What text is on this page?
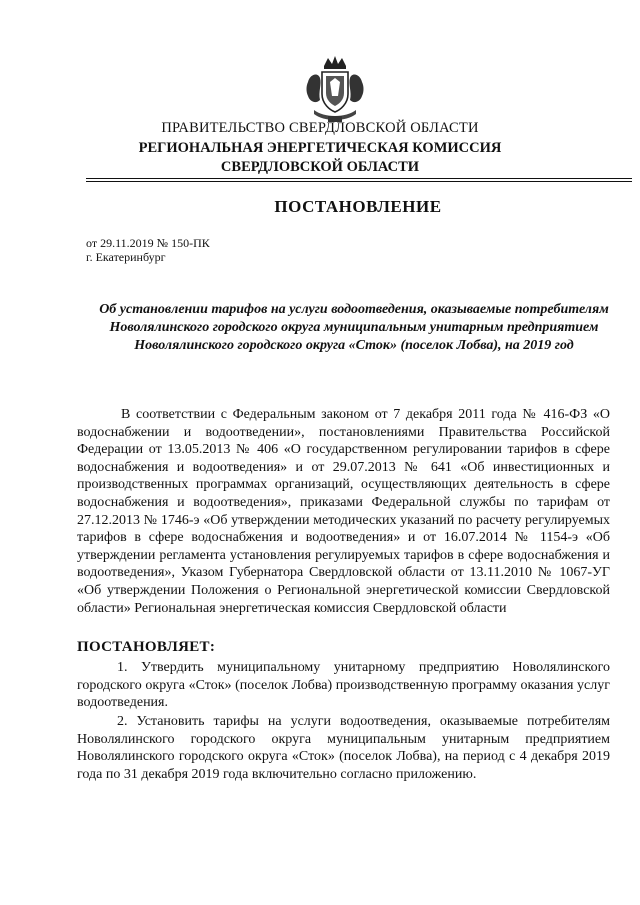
ПРАВИТЕЛЬСТВО СВЕРДЛОВСКОЙ ОБЛАСТИ
РЕГИОНАЛЬНАЯ ЭНЕРГЕТИЧЕСКАЯ КОМИССИЯ
СВЕРДЛОВСКОЙ ОБЛАСТИ
ПОСТАНОВЛЕНИЕ
от 29.11.2019 № 150-ПК
г. Екатеринбург
Об установлении тарифов на услуги водоотведения, оказываемые потребителям Новолялинского городского округа муниципальным унитарным предприятием Новолялинского городского округа «Сток» (поселок Лобва), на 2019 год
В соответствии с Федеральным законом от 7 декабря 2011 года № 416-ФЗ «О водоснабжении и водоотведении», постановлениями Правительства Российской Федерации от 13.05.2013 № 406 «О государственном регулировании тарифов в сфере водоснабжения и водоотведения» и от 29.07.2013 № 641 «Об инвестиционных и производственных программах организаций, осуществляющих деятельность в сфере водоснабжения и водоотведения», приказами Федеральной службы по тарифам от 27.12.2013 № 1746-э «Об утверждении методических указаний по расчету регулируемых тарифов в сфере водоснабжения и водоотведения» и от 16.07.2014 № 1154-э «Об утверждении регламента установления регулируемых тарифов в сфере водоснабжения и водоотведения», Указом Губернатора Свердловской области от 13.11.2010 № 1067-УГ «Об утверждении Положения о Региональной энергетической комиссии Свердловской области» Региональная энергетическая комиссия Свердловской области
ПОСТАНОВЛЯЕТ:
1. Утвердить муниципальному унитарному предприятию Новолялинского городского округа «Сток» (поселок Лобва) производственную программу оказания услуг водоотведения.
2. Установить тарифы на услуги водоотведения, оказываемые потребителям Новолялинского городского округа муниципальным унитарным предприятием Новолялинского городского округа «Сток» (поселок Лобва), на период с 4 декабря 2019 года по 31 декабря 2019 года включительно согласно приложению.
